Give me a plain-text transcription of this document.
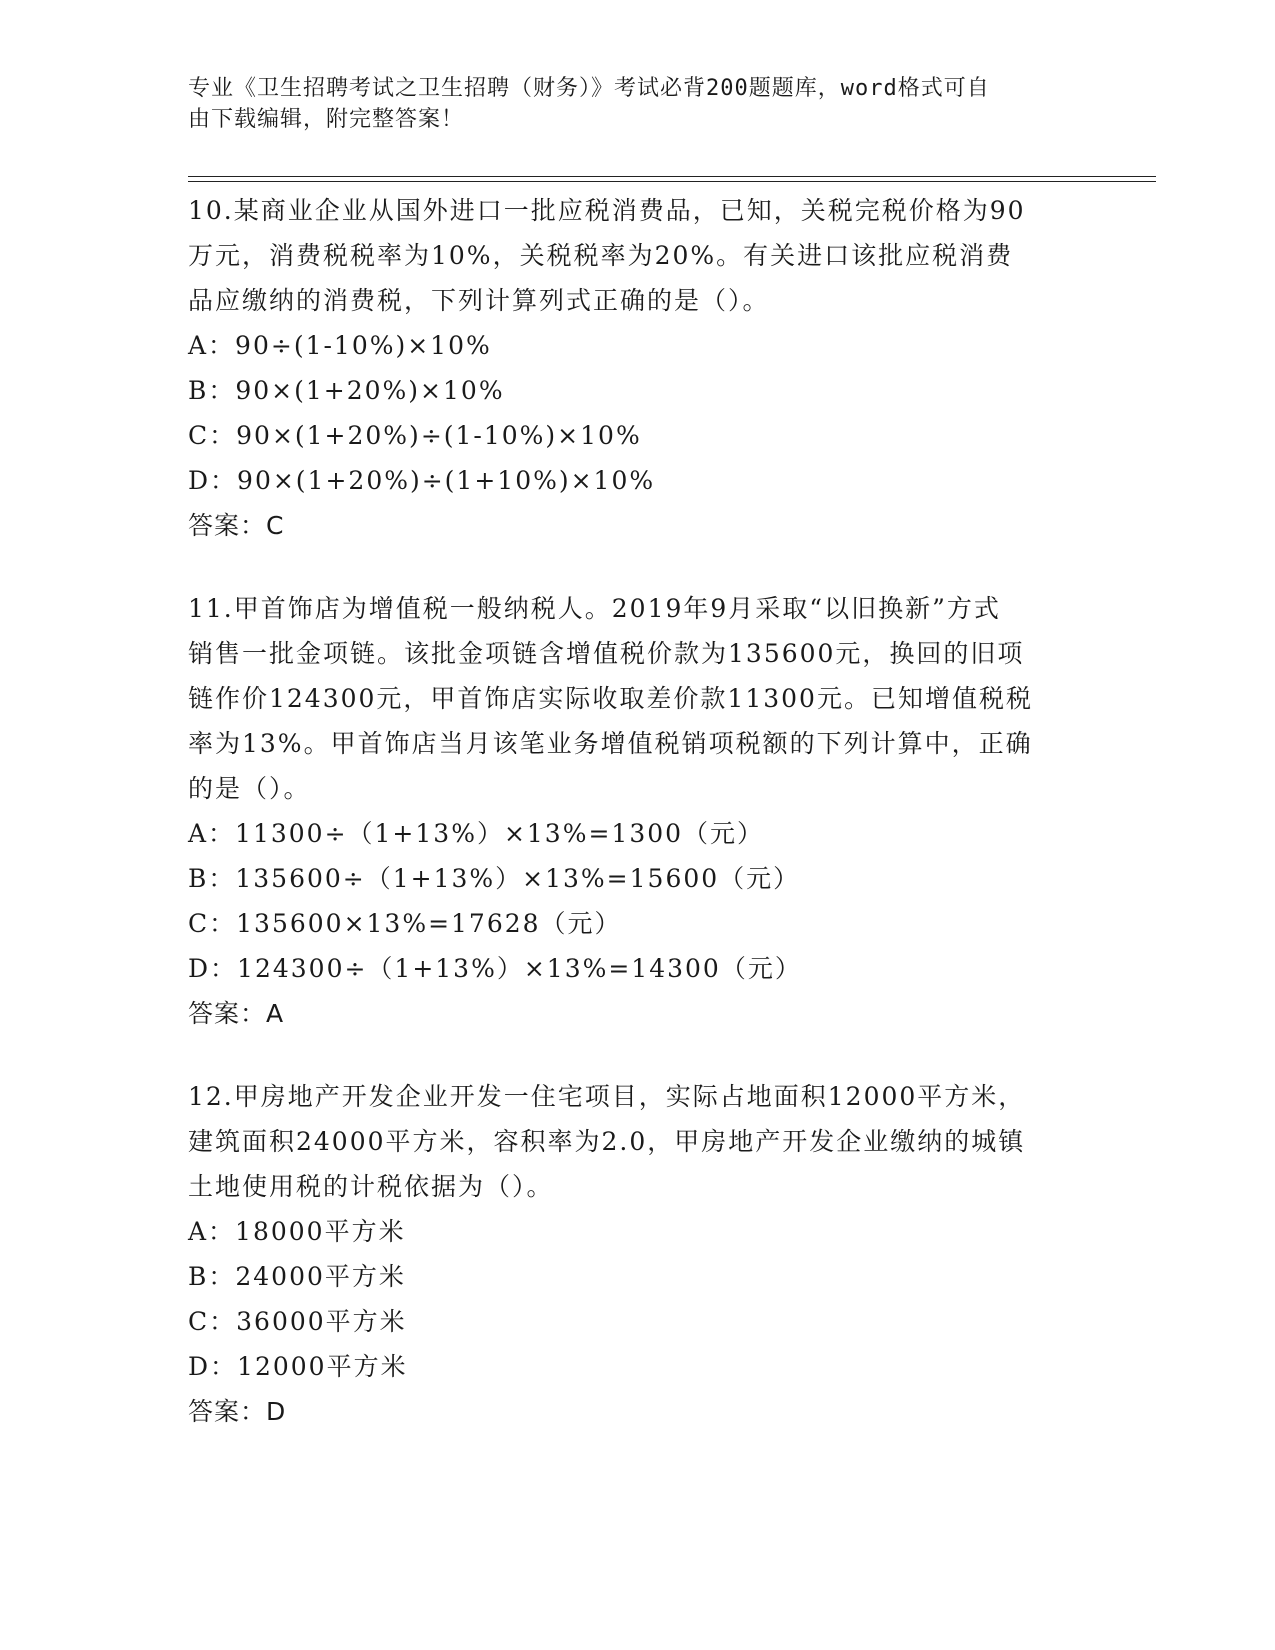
专业《卫生招聘考试之卫生招聘（财务）》考试必背200题题库，word格式可自
由下载编辑，附完整答案！

10.某商业企业从国外进口一批应税消费品，已知，关税完税价格为90
万元，消费税税率为10%，关税税率为20%。有关进口该批应税消费
品应缴纳的消费税，下列计算列式正确的是（）。

A：90÷(1-10%)×10%
B：90×(1+20%)×10%
C：90×(1+20%)÷(1-10%)×10%
D：90×(1+20%)÷(1+10%)×10%
答案：C

11.甲首饰店为增值税一般纳税人。2019年9月采取“以旧换新”方式
销售一批金项链。该批金项链含增值税价款为135600元，换回的旧项
链作价124300元，甲首饰店实际收取差价款11300元。已知增值税税
率为13%。甲首饰店当月该笔业务增值税销项税额的下列计算中，正确
的是（）。

A：11300÷（1+13%）×13%=1300（元）
B：135600÷（1+13%）×13%=15600（元）
C：135600×13%=17628（元）
D：124300÷（1+13%）×13%=14300（元）
答案：A

12.甲房地产开发企业开发一住宅项目，实际占地面积12000平方米，
建筑面积24000平方米，容积率为2.0，甲房地产开发企业缴纳的城镇
土地使用税的计税依据为（）。

A：18000平方米
B：24000平方米
C：36000平方米
D：12000平方米
答案：D
